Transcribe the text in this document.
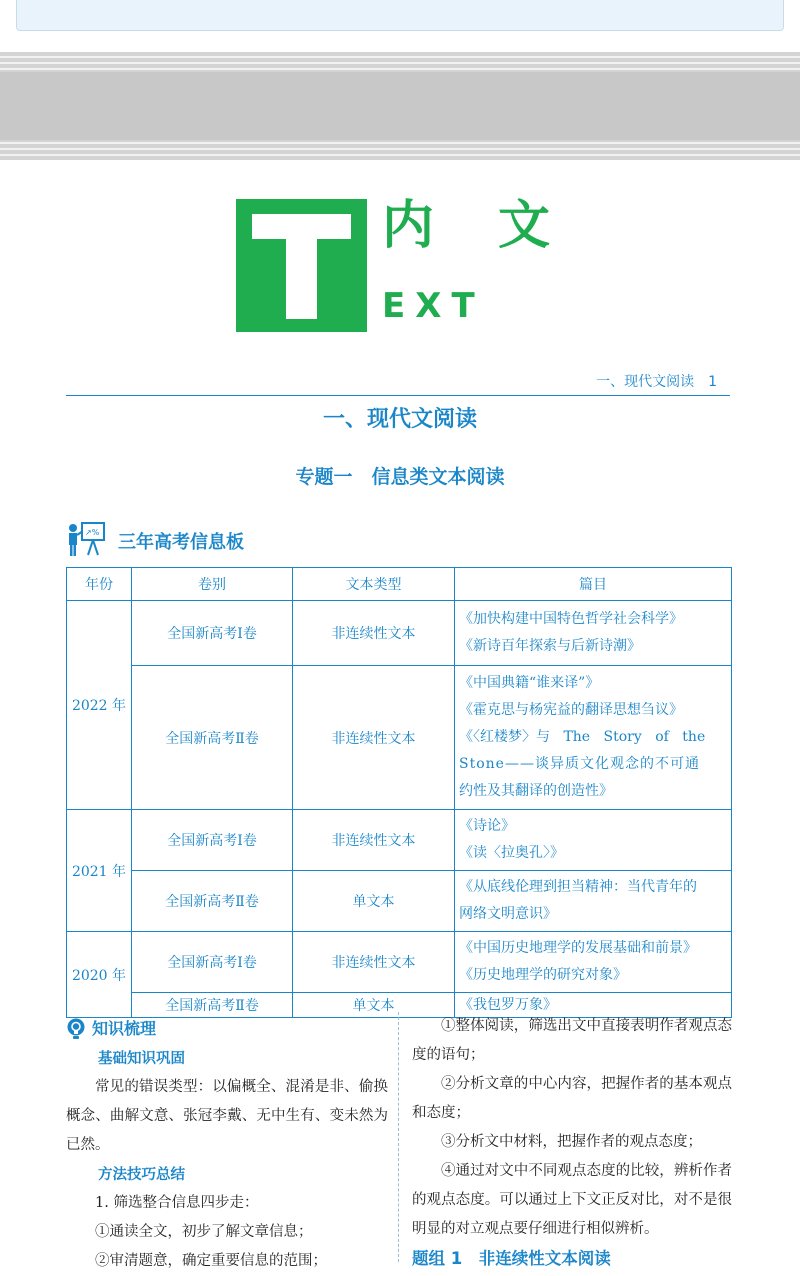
内文
EXT
一、现代文阅读　1
一、现代文阅读
专题一　信息类文本阅读
↗% 三年高考信息板
年份	卷别	文本类型	篇目
2022 年	全国新高考Ⅰ卷	非连续性文本	《加快构建中国特色哲学社会科学》
《新诗百年探索与后新诗潮》

	全国新高考Ⅱ卷	非连续性文本	《中国典籍“谁来译”》
《霍克思与杨宪益的翻译思想刍议》
《〈红楼梦〉与 The Story of the
Stone——谈异质文化观念的不可通
约性及其翻译的创造性》

2021 年	全国新高考Ⅰ卷	非连续性文本	《诗论》
《读〈拉奥孔〉》

	全国新高考Ⅱ卷	单文本	《从底线伦理到担当精神：当代青年的
网络文明意识》

2020 年	全国新高考Ⅰ卷	非连续性文本	《中国历史地理学的发展基础和前景》
《历史地理学的研究对象》

	全国新高考Ⅱ卷	单文本	《我包罗万象》
知识梳理
基础知识巩固
常见的错误类型：以偏概全、混淆是非、偷换概念、曲解文意、张冠李戴、无中生有、变未然为已然。
方法技巧总结
1. 筛选整合信息四步走：
①通读全文，初步了解文章信息；
②审清题意，确定重要信息的范围；
①整体阅读，筛选出文中直接表明作者观点态度的语句；
②分析文章的中心内容，把握作者的基本观点和态度；
③分析文中材料，把握作者的观点态度；
④通过对文中不同观点态度的比较，辨析作者的观点态度。可以通过上下文正反对比，对不是很明显的对立观点要仔细进行相似辨析。
题组 1　非连续性文本阅读
